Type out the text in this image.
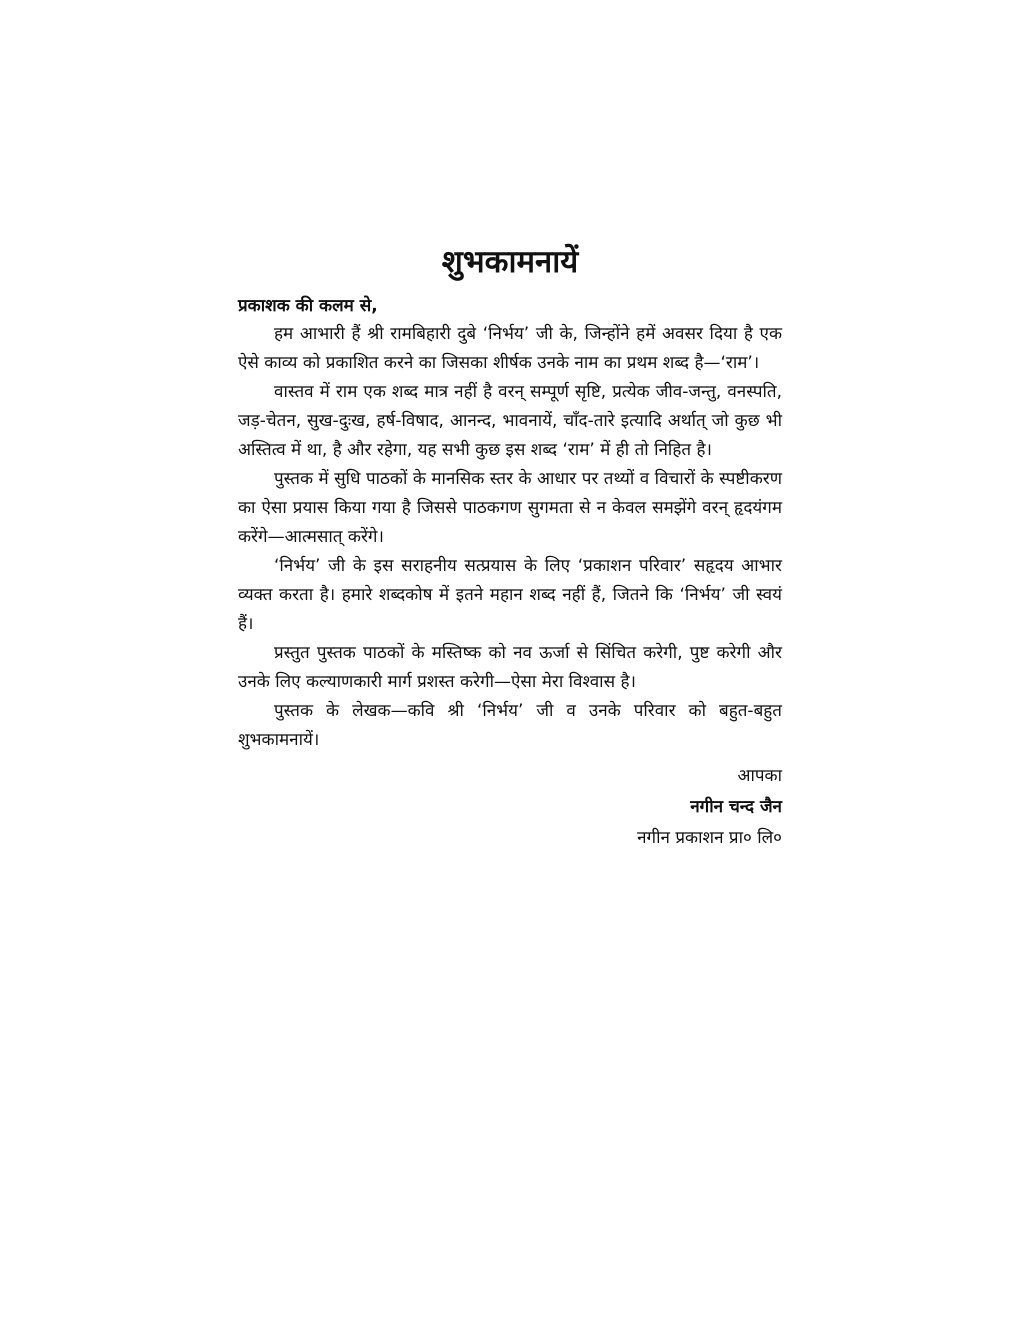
शुभकामनायें

प्रकाशक की कलम से,

हम आभारी हैं श्री रामबिहारी दुबे ‘निर्भय’ जी के, जिन्होंने हमें अवसर दिया है एक ऐसे काव्य को प्रकाशित करने का जिसका शीर्षक उनके नाम का प्रथम शब्द है—‘राम’।

वास्तव में राम एक शब्द मात्र नहीं है वरन् सम्पूर्ण सृष्टि, प्रत्येक जीव-जन्तु, वनस्पति, जड़-चेतन, सुख-दुःख, हर्ष-विषाद, आनन्द, भावनायें, चाँद-तारे इत्यादि अर्थात् जो कुछ भी अस्तित्व में था, है और रहेगा, यह सभी कुछ इस शब्द ‘राम’ में ही तो निहित है।

पुस्तक में सुधि पाठकों के मानसिक स्तर के आधार पर तथ्यों व विचारों के स्पष्टीकरण का ऐसा प्रयास किया गया है जिससे पाठकगण सुगमता से न केवल समझेंगे वरन् हृदयंगम करेंगे—आत्मसात् करेंगे।

‘निर्भय’ जी के इस सराहनीय सत्प्रयास के लिए ‘प्रकाशन परिवार’ सहृदय आभार व्यक्त करता है। हमारे शब्दकोष में इतने महान शब्द नहीं हैं, जितने कि ‘निर्भय’ जी स्वयं हैं।

प्रस्तुत पुस्तक पाठकों के मस्तिष्क को नव ऊर्जा से सिंचित करेगी, पुष्ट करेगी और उनके लिए कल्याणकारी मार्ग प्रशस्त करेगी—ऐसा मेरा विश्वास है।

पुस्तक के लेखक—कवि श्री ‘निर्भय’ जी व उनके परिवार को बहुत-बहुत शुभकामनायें।

आपका
नगीन चन्द जैन
नगीन प्रकाशन प्रा० लि०
